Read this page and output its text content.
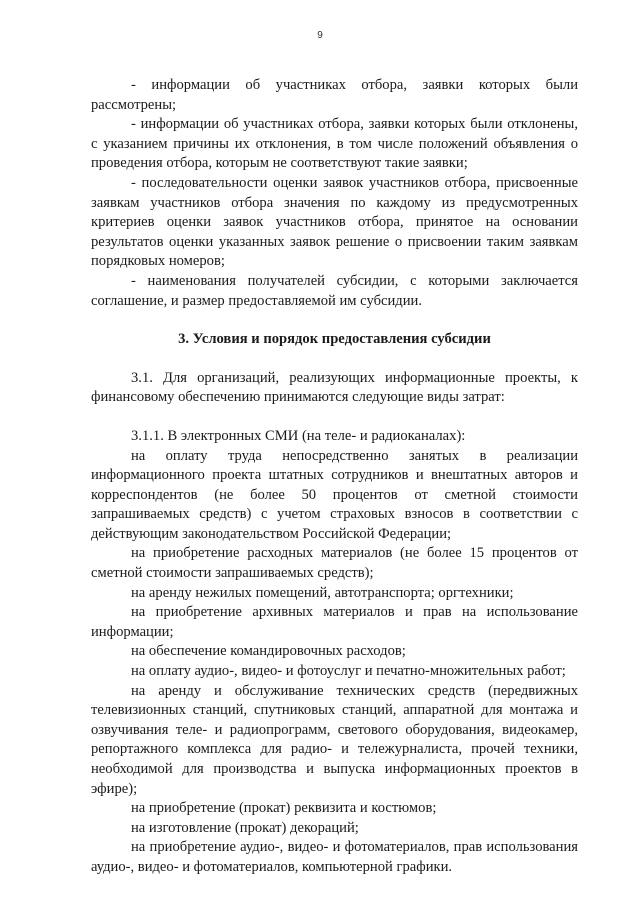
9

- информации об участниках отбора, заявки которых были рассмотрены;

- информации об участниках отбора, заявки которых были отклонены, с указанием причины их отклонения, в том числе положений объявления о проведения отбора, которым не соответствуют такие заявки;

- последовательности оценки заявок участников отбора, присвоенные заявкам участников отбора значения по каждому из предусмотренных критериев оценки заявок участников отбора, принятое на основании результатов оценки указанных заявок решение о присвоении таким заявкам порядковых номеров;

- наименования получателей субсидии, с которыми заключается соглашение, и размер предоставляемой им субсидии.

3. Условия и порядок предоставления субсидии

3.1. Для организаций, реализующих информационные проекты, к финансовому обеспечению принимаются следующие виды затрат:

3.1.1. В электронных СМИ (на теле- и радиоканалах):

на оплату труда непосредственно занятых в реализации информационного проекта штатных сотрудников и внештатных авторов и корреспондентов (не более 50 процентов от сметной стоимости запрашиваемых средств) с учетом страховых взносов в соответствии с действующим законодательством Российской Федерации;

на приобретение расходных материалов (не более 15 процентов от сметной стоимости запрашиваемых средств);

на аренду нежилых помещений, автотранспорта; оргтехники;

на приобретение архивных материалов и прав на использование информации;

на обеспечение командировочных расходов;

на оплату аудио-, видео- и фотоуслуг и печатно-множительных работ;

на аренду и обслуживание технических средств (передвижных телевизионных станций, спутниковых станций, аппаратной для монтажа и озвучивания теле- и радиопрограмм, светового оборудования, видеокамер, репортажного комплекса для радио- и тележурналиста, прочей техники, необходимой для производства и выпуска информационных проектов в эфире);

на приобретение (прокат) реквизита и костюмов;

на изготовление (прокат) декораций;

на приобретение аудио-, видео- и фотоматериалов, прав использования аудио-, видео- и фотоматериалов, компьютерной графики.
